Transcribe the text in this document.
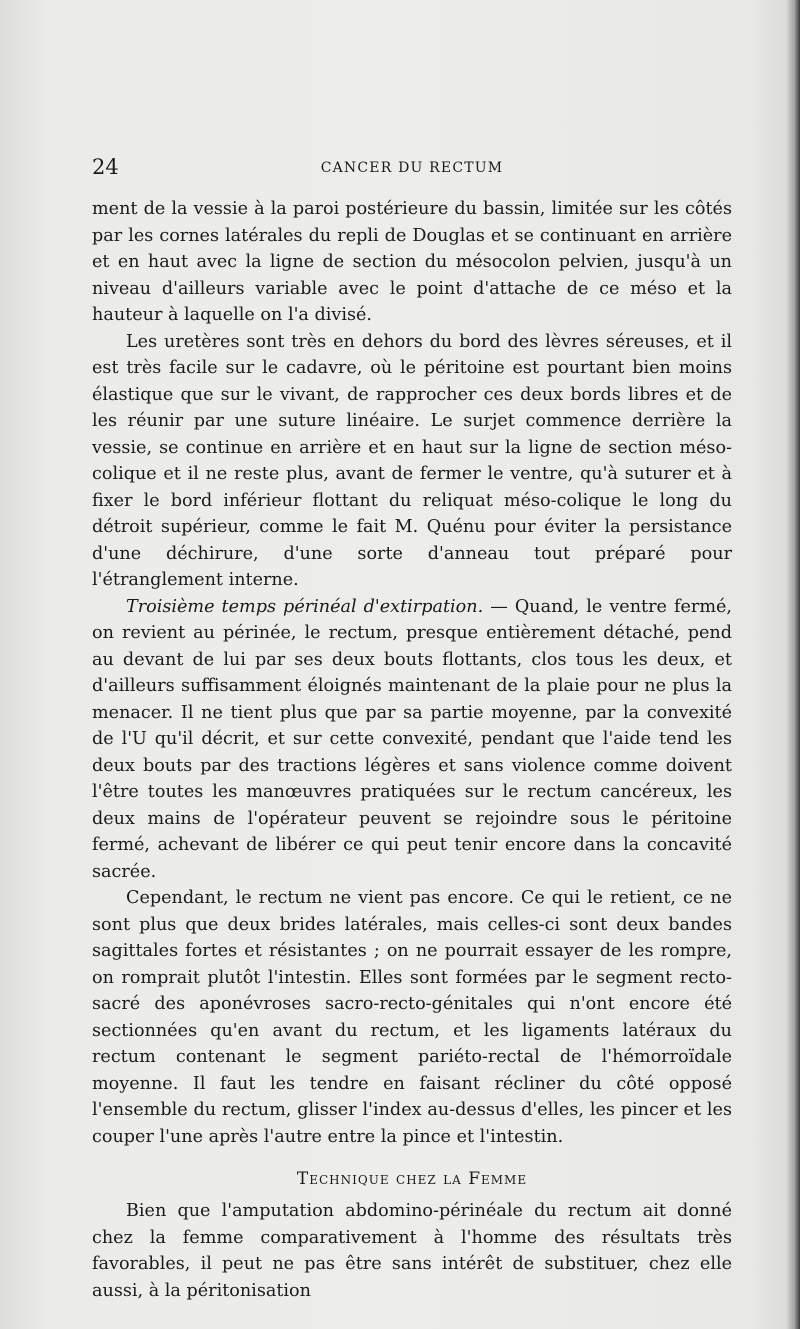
24	CANCER DU RECTUM

ment de la vessie à la paroi postérieure du bassin, limitée sur les côtés par les cornes latérales du repli de Douglas et se continuant en arrière et en haut avec la ligne de section du mésocolon pelvien, jusqu'à un niveau d'ailleurs variable avec le point d'attache de ce méso et la hauteur à laquelle on l'a divisé.

Les uretères sont très en dehors du bord des lèvres séreuses, et il est très facile sur le cadavre, où le péritoine est pourtant bien moins élastique que sur le vivant, de rapprocher ces deux bords libres et de les réunir par une suture linéaire. Le surjet commence derrière la vessie, se continue en arrière et en haut sur la ligne de section méso-colique et il ne reste plus, avant de fermer le ventre, qu'à suturer et à fixer le bord inférieur flottant du reliquat méso-colique le long du détroit supérieur, comme le fait M. Quénu pour éviter la persistance d'une déchirure, d'une sorte d'anneau tout préparé pour l'étranglement interne.

Troisième temps périnéal d'extirpation. — Quand, le ventre fermé, on revient au périnée, le rectum, presque entièrement détaché, pend au devant de lui par ses deux bouts flottants, clos tous les deux, et d'ailleurs suffisamment éloignés maintenant de la plaie pour ne plus la menacer. Il ne tient plus que par sa partie moyenne, par la convexité de l'U qu'il décrit, et sur cette convexité, pendant que l'aide tend les deux bouts par des tractions légères et sans violence comme doivent l'être toutes les manœuvres pratiquées sur le rectum cancéreux, les deux mains de l'opérateur peuvent se rejoindre sous le péritoine fermé, achevant de libérer ce qui peut tenir encore dans la concavité sacrée.

Cependant, le rectum ne vient pas encore. Ce qui le retient, ce ne sont plus que deux brides latérales, mais celles-ci sont deux bandes sagittales fortes et résistantes ; on ne pourrait essayer de les rompre, on romprait plutôt l'intestin. Elles sont formées par le segment recto-sacré des aponévroses sacro-recto-génitales qui n'ont encore été sectionnées qu'en avant du rectum, et les ligaments latéraux du rectum contenant le segment pariéto-rectal de l'hémorroïdale moyenne. Il faut les tendre en faisant récliner du côté opposé l'ensemble du rectum, glisser l'index au-dessus d'elles, les pincer et les couper l'une après l'autre entre la pince et l'intestin.

Technique chez la Femme

Bien que l'amputation abdomino-périnéale du rectum ait donné chez la femme comparativement à l'homme des résultats très favorables, il peut ne pas être sans intérêt de substituer, chez elle aussi, à la péritonisation
